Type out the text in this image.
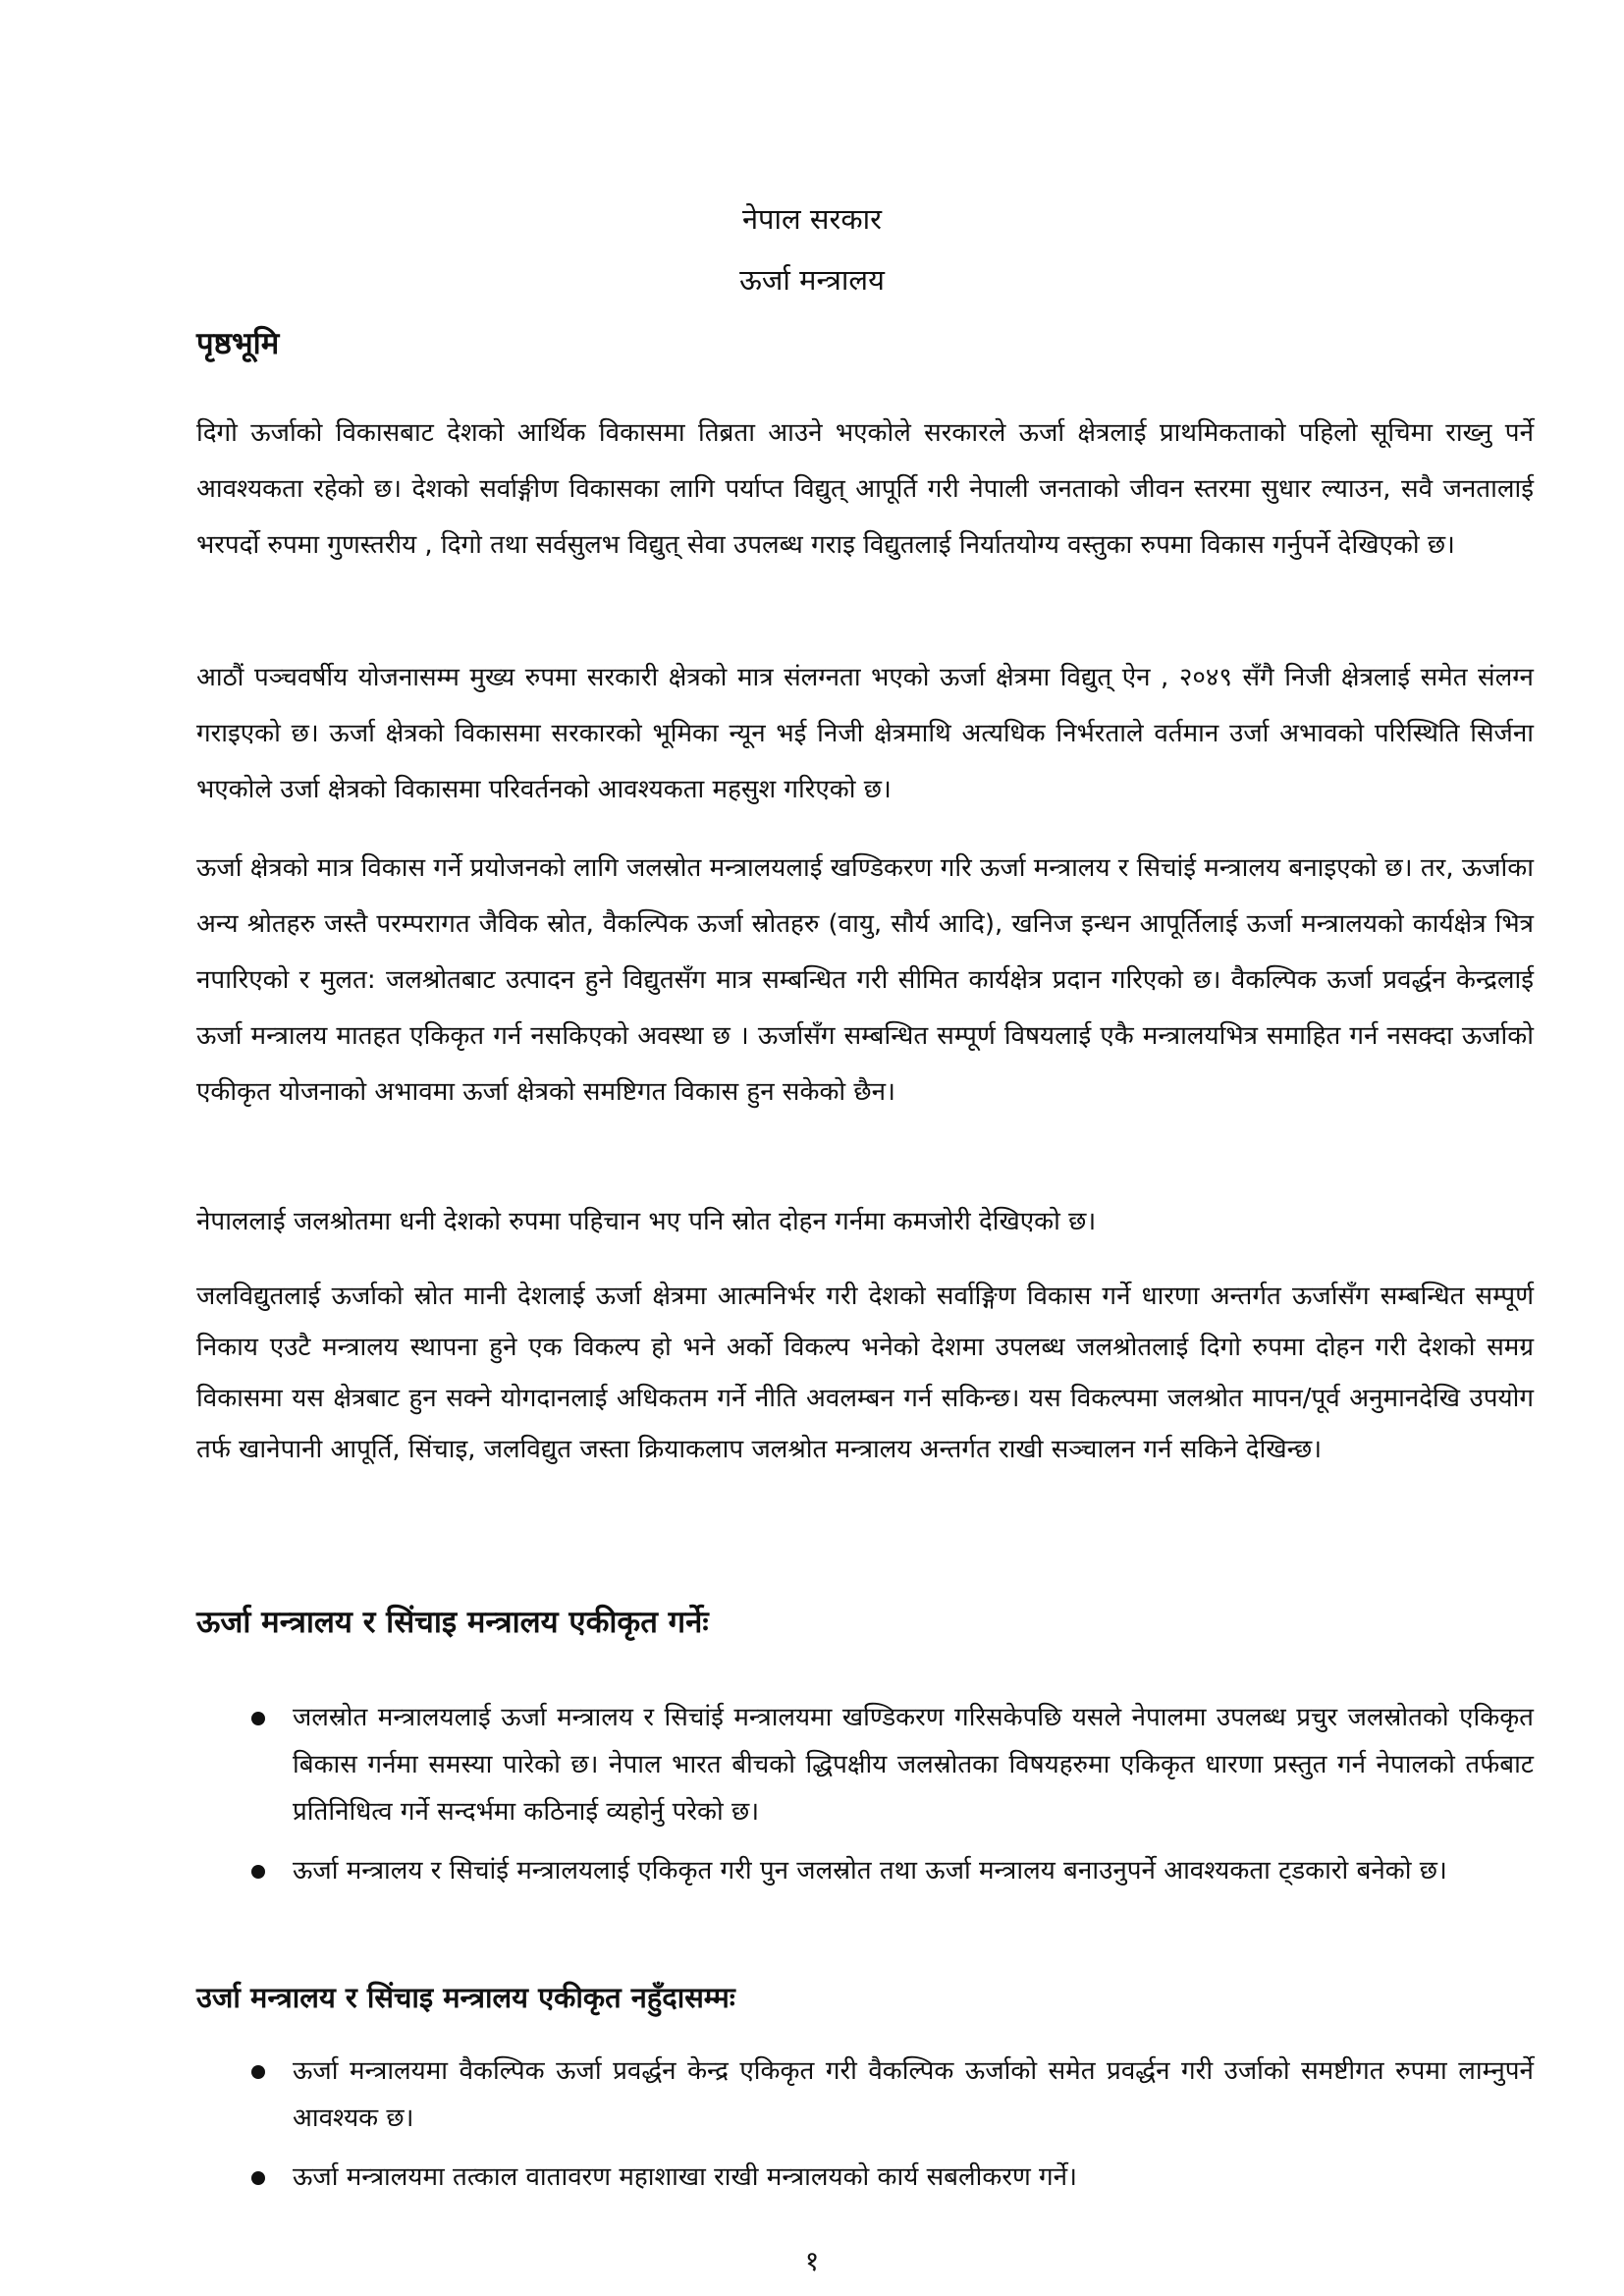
नेपाल सरकार
ऊर्जा मन्त्रालय
पृष्ठभूमि

दिगो ऊर्जाको विकासबाट देशको आर्थिक विकासमा तिब्रता आउने भएकोले सरकारले ऊर्जा क्षेत्रलाई प्राथमिकताको पहिलो सूचिमा राख्नु पर्ने आवश्यकता रहेको छ। देशको सर्वाङ्गीण विकासका लागि पर्याप्त विद्युत् आपूर्ति गरी नेपाली जनताको जीवन स्तरमा सुधार ल्याउन, सवै जनतालाई भरपर्दो रुपमा गुणस्तरीय , दिगो तथा सर्वसुलभ विद्युत् सेवा उपलब्ध गराइ विद्युतलाई निर्यातयोग्य वस्तुका रुपमा विकास गर्नुपर्ने देखिएको छ।

आठौं पञ्चवर्षीय योजनासम्म मुख्य रुपमा सरकारी क्षेत्रको मात्र संलग्नता भएको ऊर्जा क्षेत्रमा विद्युत् ऐन , २०४९ सँगै निजी क्षेत्रलाई समेत संलग्न गराइएको छ। ऊर्जा क्षेत्रको विकासमा सरकारको भूमिका न्यून भई निजी क्षेत्रमाथि अत्यधिक निर्भरताले वर्तमान उर्जा अभावको परिस्थिति सिर्जना भएकोले उर्जा क्षेत्रको विकासमा परिवर्तनको आवश्यकता महसुश गरिएको छ।

ऊर्जा क्षेत्रको मात्र विकास गर्ने प्रयोजनको लागि जलस्रोत मन्त्रालयलाई खण्डिकरण गरि ऊर्जा मन्त्रालय र सिचांई मन्त्रालय बनाइएको छ। तर, ऊर्जाका अन्य श्रोतहरु जस्तै परम्परागत जैविक स्रोत, वैकल्पिक ऊर्जा स्रोतहरु (वायु, सौर्य आदि), खनिज इन्धन आपूर्तिलाई ऊर्जा मन्त्रालयको कार्यक्षेत्र भित्र नपारिएको र मुलत: जलश्रोतबाट उत्पादन हुने विद्युतसँग मात्र सम्बन्धित गरी सीमित कार्यक्षेत्र प्रदान गरिएको छ। वैकल्पिक ऊर्जा प्रवर्द्धन केन्द्रलाई ऊर्जा मन्त्रालय मातहत एकिकृत गर्न नसकिएको अवस्था छ । ऊर्जासँग सम्बन्धित सम्पूर्ण विषयलाई एकै मन्त्रालयभित्र समाहित गर्न नसक्दा ऊर्जाको एकीकृत योजनाको अभावमा ऊर्जा क्षेत्रको समष्टिगत विकास हुन सकेको छैन।

नेपाललाई जलश्रोतमा धनी देशको रुपमा पहिचान भए पनि स्रोत दोहन गर्नमा कमजोरी देखिएको छ।

जलविद्युतलाई ऊर्जाको स्रोत मानी देशलाई ऊर्जा क्षेत्रमा आत्मनिर्भर गरी देशको सर्वाङ्गिण विकास गर्ने धारणा अन्तर्गत ऊर्जासँग सम्बन्धित सम्पूर्ण निकाय एउटै मन्त्रालय स्थापना हुने एक विकल्प हो भने अर्को विकल्प भनेको देशमा उपलब्ध जलश्रोतलाई दिगो रुपमा दोहन गरी देशको समग्र विकासमा यस क्षेत्रबाट हुन सक्ने योगदानलाई अधिकतम गर्ने नीति अवलम्बन गर्न सकिन्छ। यस विकल्पमा जलश्रोत मापन/पूर्व अनुमानदेखि उपयोग तर्फ खानेपानी आपूर्ति, सिंचाइ, जलविद्युत जस्ता क्रियाकलाप जलश्रोत मन्त्रालय अन्तर्गत राखी सञ्चालन गर्न सकिने देखिन्छ।

ऊर्जा मन्त्रालय र सिंचाइ मन्त्रालय एकीकृत गर्नेः
जलस्रोत मन्त्रालयलाई ऊर्जा मन्त्रालय र सिचांई मन्त्रालयमा खण्डिकरण गरिसकेपछि यसले नेपालमा उपलब्ध प्रचुर जलस्रोतको एकिकृत बिकास गर्नमा समस्या पारेको छ। नेपाल भारत बीचको द्धिपक्षीय जलस्रोतका विषयहरुमा एकिकृत धारणा प्रस्तुत गर्न नेपालको तर्फबाट प्रतिनिधित्व गर्ने सन्दर्भमा कठिनाई व्यहोर्नु परेको छ।
ऊर्जा मन्त्रालय र सिचांई मन्त्रालयलाई एकिकृत गरी पुन जलस्रोत तथा ऊर्जा मन्त्रालय बनाउनुपर्ने आवश्यकता ट्डकारो बनेको छ।
उर्जा मन्त्रालय र सिंचाइ मन्त्रालय एकीकृत नहुँदासम्मः
ऊर्जा मन्त्रालयमा वैकल्पिक ऊर्जा प्रवर्द्धन केन्द्र एकिकृत गरी वैकल्पिक ऊर्जाको समेत प्रवर्द्धन गरी उर्जाको समष्टीगत रुपमा लाम्नुपर्ने आवश्यक छ।
ऊर्जा मन्त्रालयमा तत्काल वातावरण महाशाखा राखी मन्त्रालयको कार्य सबलीकरण गर्ने।
१
